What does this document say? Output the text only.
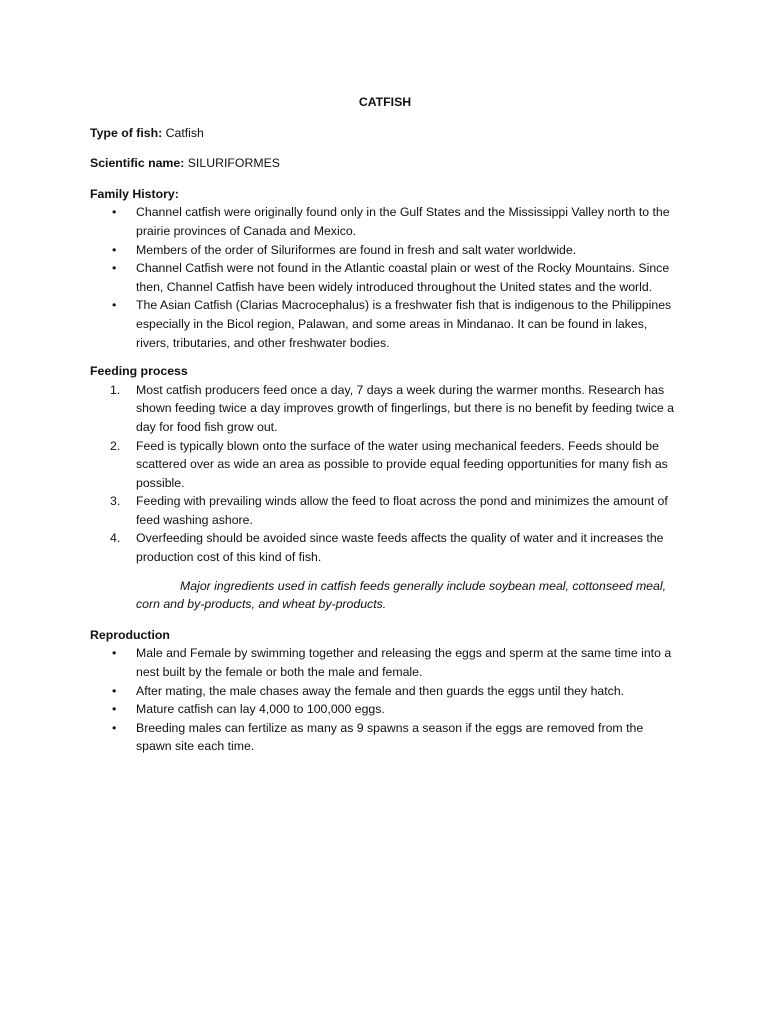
CATFISH

Type of fish: Catfish

Scientific name: SILURIFORMES

Family History:

• Channel catfish were originally found only in the Gulf States and the Mississippi Valley north to the prairie provinces of Canada and Mexico.
• Members of the order of Siluriformes are found in fresh and salt water worldwide.
• Channel Catfish were not found in the Atlantic coastal plain or west of the Rocky Mountains. Since then, Channel Catfish have been widely introduced throughout the United states and the world.
• The Asian Catfish (Clarias Macrocephalus) is a freshwater fish that is indigenous to the Philippines especially in the Bicol region, Palawan, and some areas in Mindanao. It can be found in lakes, rivers, tributaries, and other freshwater bodies.

Feeding process

1. Most catfish producers feed once a day, 7 days a week during the warmer months. Research has shown feeding twice a day improves growth of fingerlings, but there is no benefit by feeding twice a day for food fish grow out.
2. Feed is typically blown onto the surface of the water using mechanical feeders. Feeds should be scattered over as wide an area as possible to provide equal feeding opportunities for many fish as possible.
3. Feeding with prevailing winds allow the feed to float across the pond and minimizes the amount of feed washing ashore.
4. Overfeeding should be avoided since waste feeds affects the quality of water and it increases the production cost of this kind of fish.

Major ingredients used in catfish feeds generally include soybean meal, cottonseed meal, corn and by-products, and wheat by-products.

Reproduction

• Male and Female by swimming together and releasing the eggs and sperm at the same time into a nest built by the female or both the male and female.
• After mating, the male chases away the female and then guards the eggs until they hatch.
• Mature catfish can lay 4,000 to 100,000 eggs.
• Breeding males can fertilize as many as 9 spawns a season if the eggs are removed from the spawn site each time.
